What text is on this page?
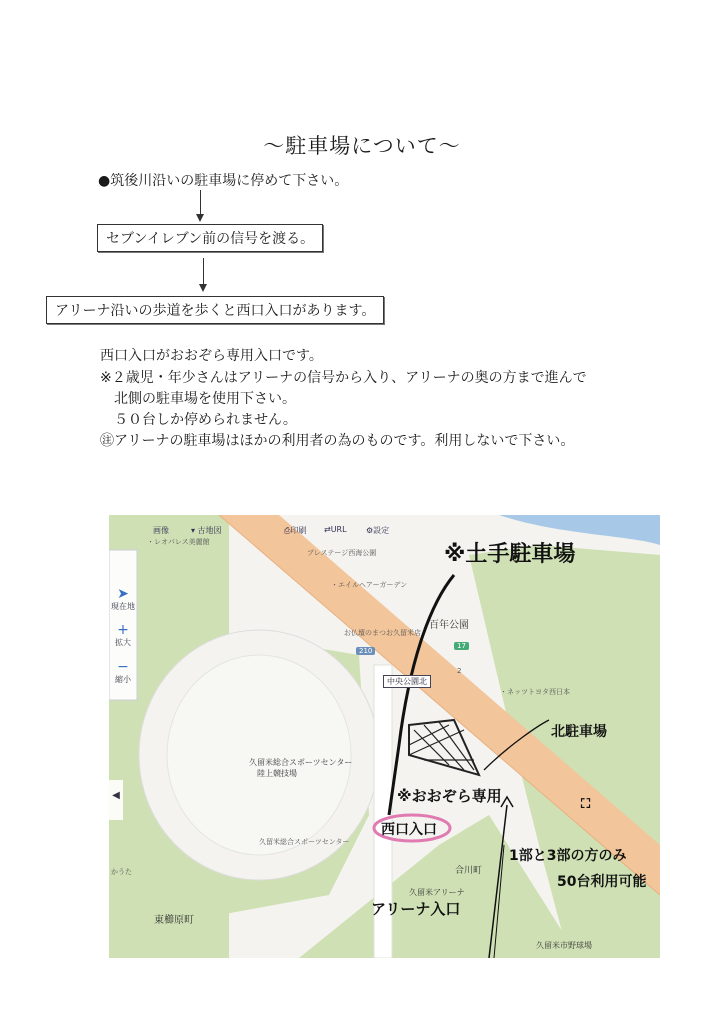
〜駐車場について〜
●筑後川沿いの駐車場に停めて下さい。
セブンイレブン前の信号を渡る。
アリーナ沿いの歩道を歩くと西口入口があります。
西口入口がおおぞら専用入口です。
※２歳児・年少さんはアリーナの信号から入り、アリーナの奥の方まで進んで
　北側の駐車場を使用下さい。
　５０台しか停められません。
㊟アリーナの駐車場はほかの利用者の為のものです。利用しないで下さい。
画像	▾ 古地図	⎙印刷 ⇄URL ⚙設定
➤
現在地
+
拡大
−
縮小
◀
・レオパレス美麗館
プレステージ西海公園
・エイルヘアーガーデン
お仏壇のまつお久留米店
百年公園
210
17
2
中央公園北
・ネッツトヨタ西日本
久留米総合スポーツセンター
陸上競技場
久留米総合スポーツセンター
合川町
久留米アリーナ
東櫛原町
久留米市野球場
かうた
※土手駐車場
北駐車場
※おおぞら専用
西口入口
アリーナ入口
1部と3部の方のみ
50台利用可能
⛶
